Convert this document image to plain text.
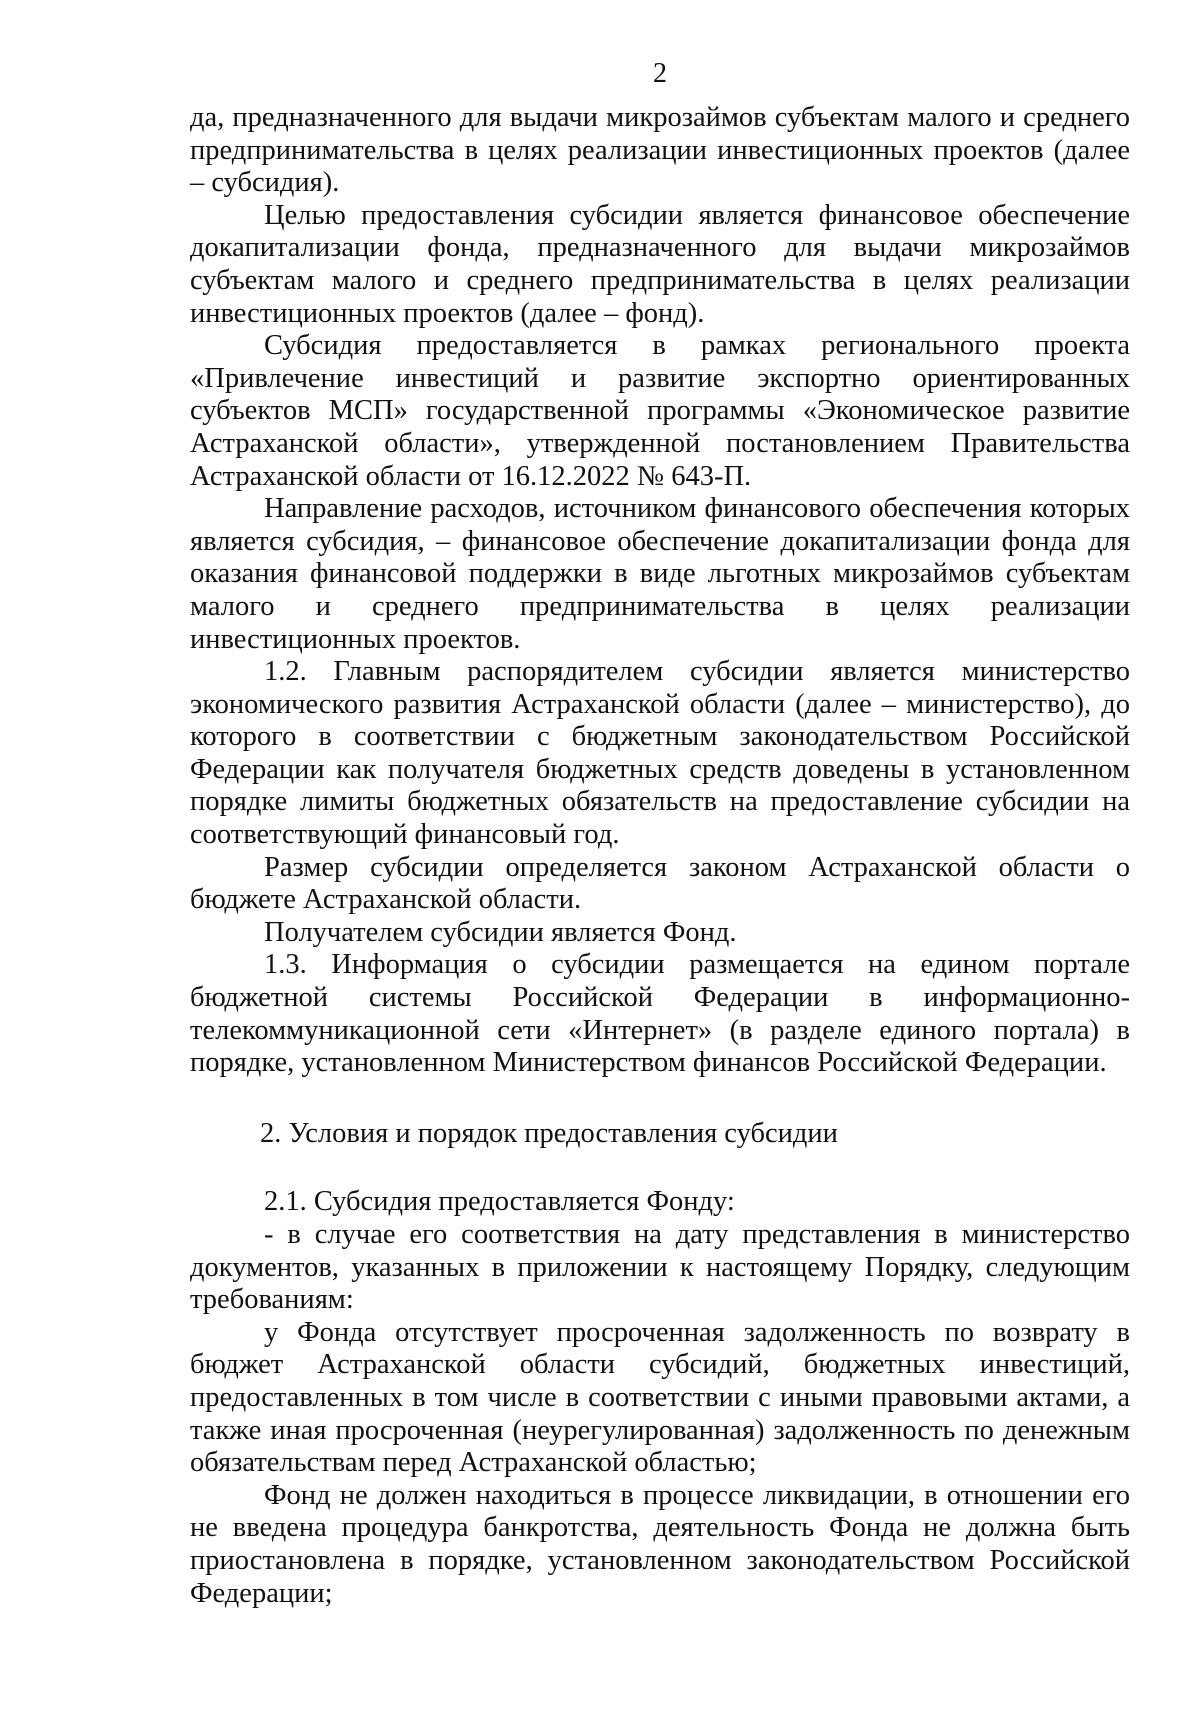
2

да, предназначенного для выдачи микрозаймов субъектам малого и среднего предпринимательства в целях реализации инвестиционных проектов (далее – субсидия).

Целью предоставления субсидии является финансовое обеспечение докапитализации фонда, предназначенного для выдачи микрозаймов субъектам малого и среднего предпринимательства в целях реализации инвестиционных проектов (далее – фонд).

Субсидия предоставляется в рамках регионального проекта «Привлечение инвестиций и развитие экспортно ориентированных субъектов МСП» государственной программы «Экономическое развитие Астраханской области», утвержденной постановлением Правительства Астраханской области от 16.12.2022 № 643-П.

Направление расходов, источником финансового обеспечения которых является субсидия, – финансовое обеспечение докапитализации фонда для оказания финансовой поддержки в виде льготных микрозаймов субъектам малого и среднего предпринимательства в целях реализации инвестиционных проектов.

1.2. Главным распорядителем субсидии является министерство экономического развития Астраханской области (далее – министерство), до которого в соответствии с бюджетным законодательством Российской Федерации как получателя бюджетных средств доведены в установленном порядке лимиты бюджетных обязательств на предоставление субсидии на соответствующий финансовый год.

Размер субсидии определяется законом Астраханской области о бюджете Астраханской области.

Получателем субсидии является Фонд.

1.3. Информация о субсидии размещается на едином портале бюджетной системы Российской Федерации в информационно-телекоммуникационной сети «Интернет» (в разделе единого портала) в порядке, установленном Министерством финансов Российской Федерации.

2. Условия и порядок предоставления субсидии

2.1. Субсидия предоставляется Фонду:

- в случае его соответствия на дату представления в министерство документов, указанных в приложении к настоящему Порядку, следующим требованиям:

у Фонда отсутствует просроченная задолженность по возврату в бюджет Астраханской области субсидий, бюджетных инвестиций, предоставленных в том числе в соответствии с иными правовыми актами, а также иная просроченная (неурегулированная) задолженность по денежным обязательствам перед Астраханской областью;

Фонд не должен находиться в процессе ликвидации, в отношении его не введена процедура банкротства, деятельность Фонда не должна быть приостановлена в порядке, установленном законодательством Российской Федерации;
